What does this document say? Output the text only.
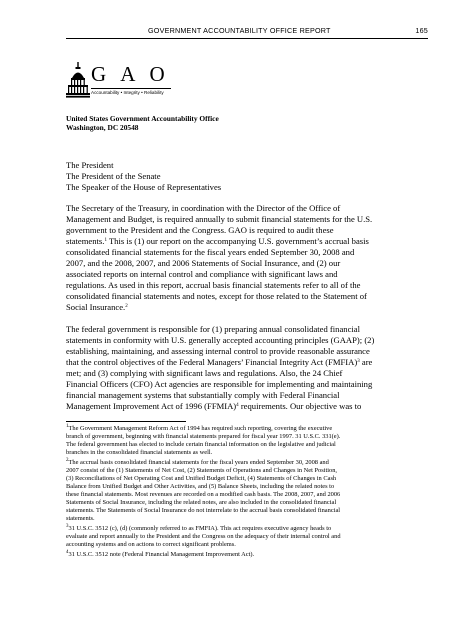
GOVERNMENT ACCOUNTABILITY OFFICE REPORT	165
G A O
Accountability • Integrity • Reliability
United States Government Accountability Office
Washington, DC 20548
The President
The President of the Senate
The Speaker of the House of Representatives
The Secretary of the Treasury, in coordination with the Director of the Office of
Management and Budget, is required annually to submit financial statements for the U.S.
government to the President and the Congress. GAO is required to audit these
statements.$^1$ This is (1) our report on the accompanying U.S. government’s accrual basis
consolidated financial statements for the fiscal years ended September 30, 2008 and
2007, and the 2008, 2007, and 2006 Statements of Social Insurance, and (2) our
associated reports on internal control and compliance with significant laws and
regulations. As used in this report, accrual basis financial statements refer to all of the
consolidated financial statements and notes, except for those related to the Statement of
Social Insurance.$^2$
The federal government is responsible for (1) preparing annual consolidated financial
statements in conformity with U.S. generally accepted accounting principles (GAAP); (2)
establishing, maintaining, and assessing internal control to provide reasonable assurance
that the control objectives of the Federal Managers’ Financial Integrity Act (FMFIA)$^3$ are
met; and (3) complying with significant laws and regulations. Also, the 24 Chief
Financial Officers (CFO) Act agencies are responsible for implementing and maintaining
financial management systems that substantially comply with Federal Financial
Management Improvement Act of 1996 (FFMIA)$^4$ requirements. Our objective was to
$^1$The Government Management Reform Act of 1994 has required such reporting, covering the executive
branch of government, beginning with financial statements prepared for fiscal year 1997. 31 U.S.C. 331(e).
The federal government has elected to include certain financial information on the legislative and judicial
branches in the consolidated financial statements as well.
$^2$The accrual basis consolidated financial statements for the fiscal years ended September 30, 2008 and
2007 consist of the (1) Statements of Net Cost, (2) Statements of Operations and Changes in Net Position,
(3) Reconciliations of Net Operating Cost and Unified Budget Deficit, (4) Statements of Changes in Cash
Balance from Unified Budget and Other Activities, and (5) Balance Sheets, including the related notes to
these financial statements. Most revenues are recorded on a modified cash basis. The 2008, 2007, and 2006
Statements of Social Insurance, including the related notes, are also included in the consolidated financial
statements. The Statements of Social Insurance do not interrelate to the accrual basis consolidated financial
statements.
$^3$31 U.S.C. 3512 (c), (d) (commonly referred to as FMFIA). This act requires executive agency heads to
evaluate and report annually to the President and the Congress on the adequacy of their internal control and
accounting systems and on actions to correct significant problems.
$^4$31 U.S.C. 3512 note (Federal Financial Management Improvement Act).
